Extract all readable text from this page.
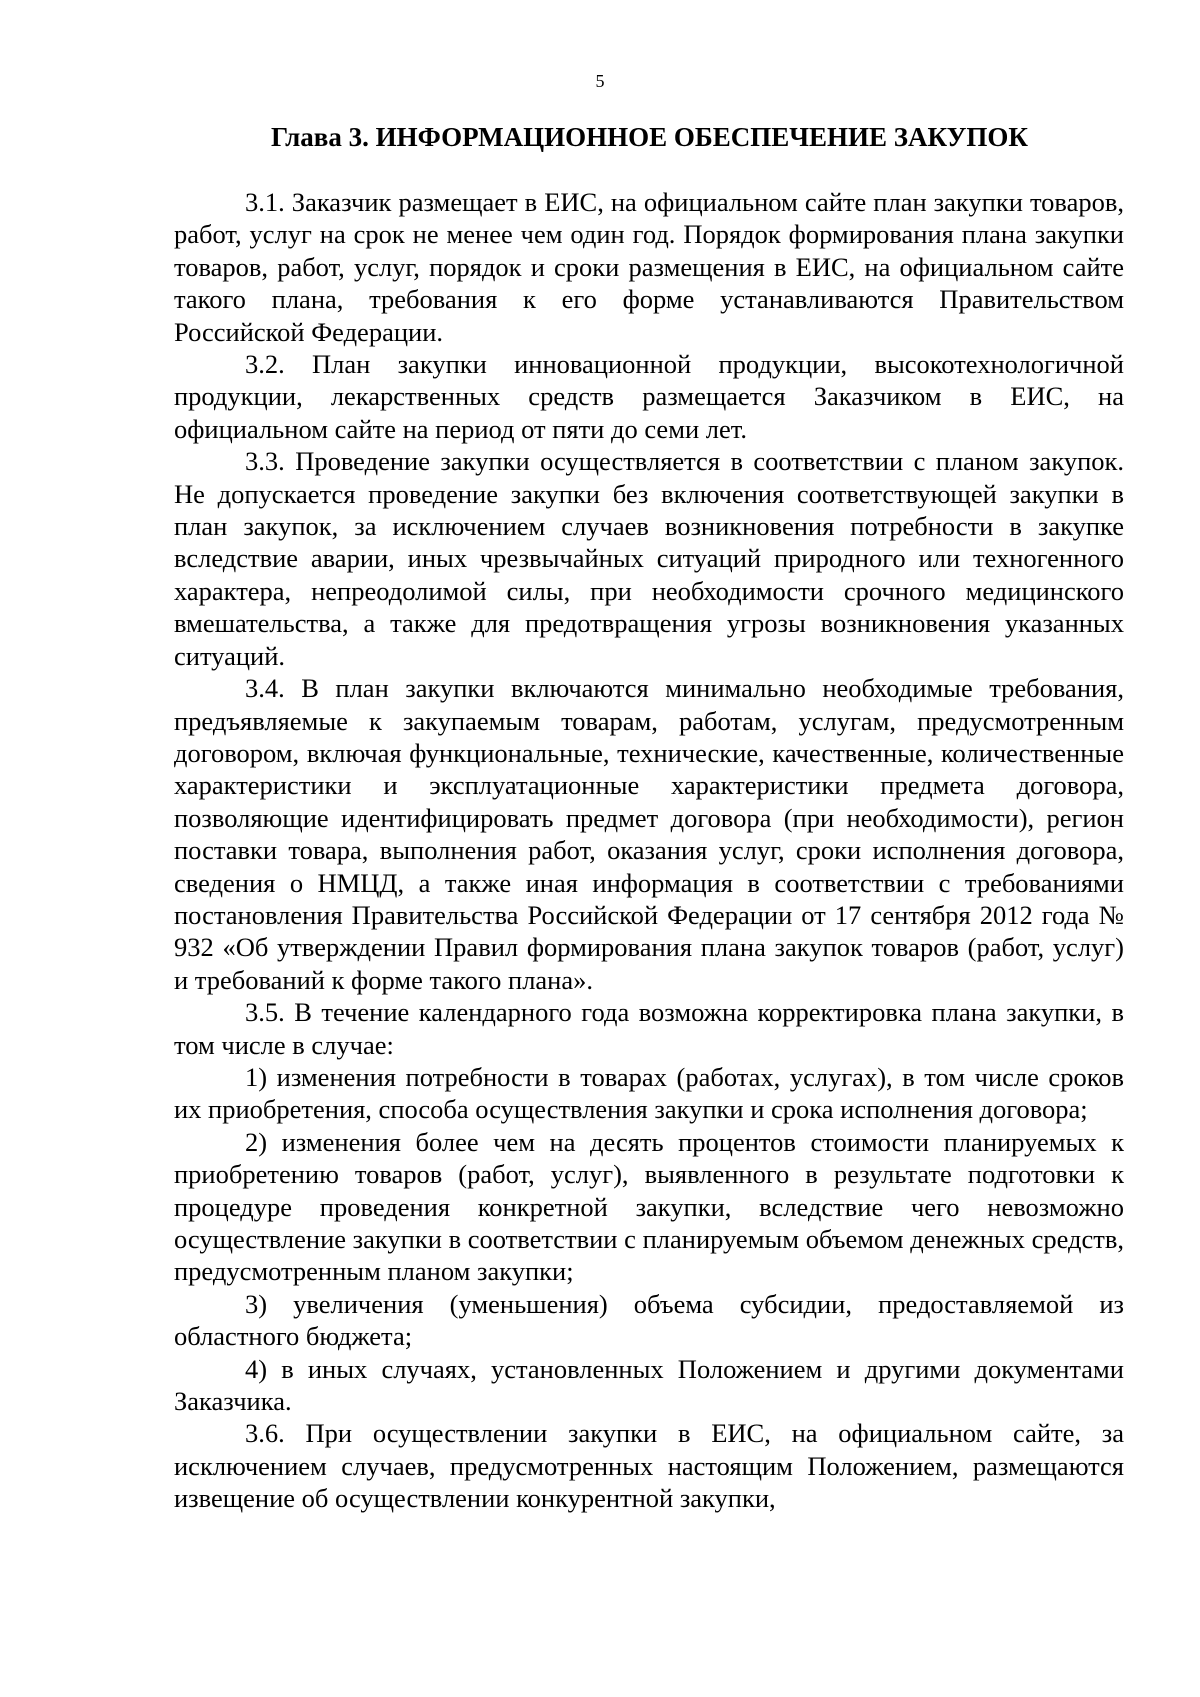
5
Глава 3. ИНФОРМАЦИОННОЕ ОБЕСПЕЧЕНИЕ ЗАКУПОК

3.1. Заказчик размещает в ЕИС, на официальном сайте план закупки товаров, работ, услуг на срок не менее чем один год. Порядок формирования плана закупки товаров, работ, услуг, порядок и сроки размещения в ЕИС, на официальном сайте такого плана, требования к его форме устанавливаются Правительством Российской Федерации.

3.2. План закупки инновационной продукции, высокотехнологичной продукции, лекарственных средств размещается Заказчиком в ЕИС, на официальном сайте на период от пяти до семи лет.

3.3. Проведение закупки осуществляется в соответствии с планом закупок. Не допускается проведение закупки без включения соответствующей закупки в план закупок, за исключением случаев возникновения потребности в закупке вследствие аварии, иных чрезвычайных ситуаций природного или техногенного характера, непреодолимой силы, при необходимости срочного медицинского вмешательства, а также для предотвращения угрозы возникновения указанных ситуаций.

3.4. В план закупки включаются минимально необходимые требования, предъявляемые к закупаемым товарам, работам, услугам, предусмотренным договором, включая функциональные, технические, качественные, количественные характеристики и эксплуатационные характеристики предмета договора, позволяющие идентифицировать предмет договора (при необходимости), регион поставки товара, выполнения работ, оказания услуг, сроки исполнения договора, сведения о НМЦД, а также иная информация в соответствии с требованиями постановления Правительства Российской Федерации от 17 сентября 2012 года № 932 «Об утверждении Правил формирования плана закупок товаров (работ, услуг) и требований к форме такого плана».

3.5. В течение календарного года возможна корректировка плана закупки, в том числе в случае:

1) изменения потребности в товарах (работах, услугах), в том числе сроков их приобретения, способа осуществления закупки и срока исполнения договора;

2) изменения более чем на десять процентов стоимости планируемых к приобретению товаров (работ, услуг), выявленного в результате подготовки к процедуре проведения конкретной закупки, вследствие чего невозможно осуществление закупки в соответствии с планируемым объемом денежных средств, предусмотренным планом закупки;

3) увеличения (уменьшения) объема субсидии, предоставляемой из областного бюджета;

4) в иных случаях, установленных Положением и другими документами Заказчика.

3.6. При осуществлении закупки в ЕИС, на официальном сайте, за исключением случаев, предусмотренных настоящим Положением, размещаются извещение об осуществлении конкурентной закупки,
